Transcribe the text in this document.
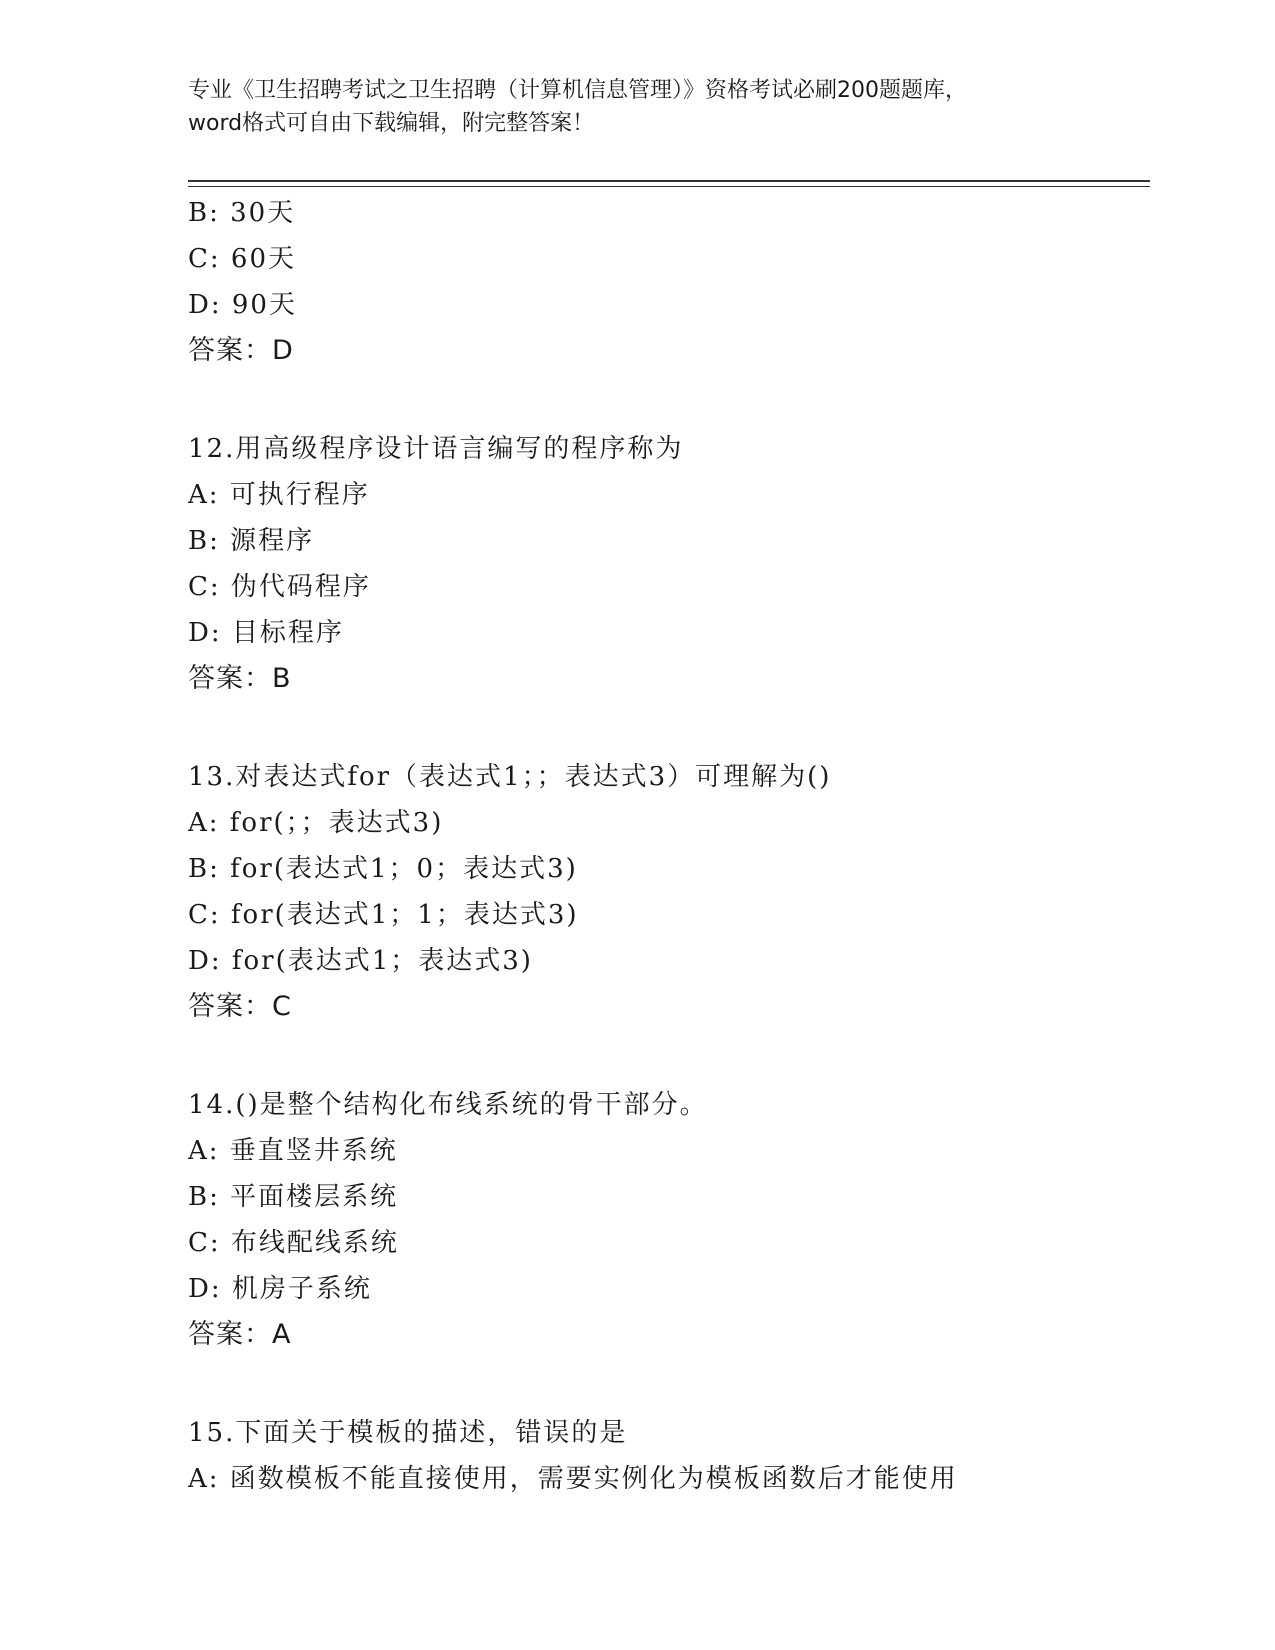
专业《卫生招聘考试之卫生招聘（计算机信息管理）》资格考试必刷200题题库，
word格式可自由下载编辑，附完整答案！
B: 30天
C: 60天
D: 90天
答案：D
12.用高级程序设计语言编写的程序称为
A: 可执行程序
B: 源程序
C: 伪代码程序
D: 目标程序
答案：B
13.对表达式for（表达式1；；表达式3）可理解为()
A: for(；；表达式3)
B: for(表达式1；0；表达式3)
C: for(表达式1；1；表达式3)
D: for(表达式1；表达式3)
答案：C
14.()是整个结构化布线系统的骨干部分。
A: 垂直竖井系统
B: 平面楼层系统
C: 布线配线系统
D: 机房子系统
答案：A
15.下面关于模板的描述，错误的是
A: 函数模板不能直接使用，需要实例化为模板函数后才能使用
